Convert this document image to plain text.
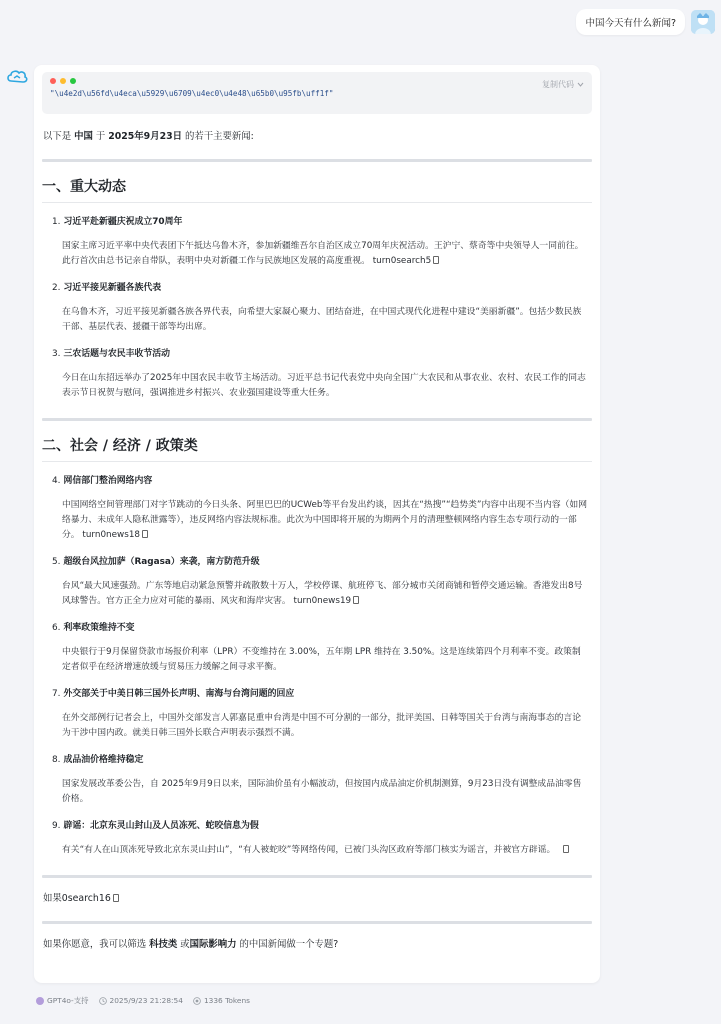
中国今天有什么新闻?
复制代码
"\u4e2d\u56fd\u4eca\u5929\u6709\u4ec0\u4e48\u65b0\u95fb\uff1f"
以下是 中国 于 2025年9月23日 的若干主要新闻:
一、重大动态
1. 习近平赴新疆庆祝成立70周年
国家主席习近平率中央代表团下午抵达乌鲁木齐，参加新疆维吾尔自治区成立70周年庆祝活动。王沪宁、蔡奇等中央领导人一同前往。此行首次由总书记亲自带队，表明中央对新疆工作与民族地区发展的高度重视。 turn0search5
2. 习近平接见新疆各族代表
在乌鲁木齐，习近平接见新疆各族各界代表，向希望大家凝心聚力、团结奋进，在中国式现代化进程中建设“美丽新疆”。包括少数民族干部、基层代表、援疆干部等均出席。
3. 三农话题与农民丰收节活动
今日在山东招远举办了2025年中国农民丰收节主场活动。习近平总书记代表党中央向全国广大农民和从事农业、农村、农民工作的同志表示节日祝贺与慰问，强调推进乡村振兴、农业强国建设等重大任务。
二、社会 / 经济 / 政策类
4. 网信部门整治网络内容
中国网络空间管理部门对字节跳动的今日头条、阿里巴巴的UCWeb等平台发出约谈，因其在“热搜”“趋势类”内容中出现不当内容（如网络暴力、未成年人隐私泄露等），违反网络内容法规标准。此次为中国即将开展的为期两个月的清理整顿网络内容生态专项行动的一部分。 turn0news18
5. 超级台风拉加萨（Ragasa）来袭，南方防范升级
台风“最大风速强劲。广东等地启动紧急预警并疏散数十万人，学校停课、航班停飞、部分城市关闭商铺和暂停交通运输。香港发出8号风球警告。官方正全力应对可能的暴雨、风灾和海岸灾害。 turn0news19
6. 利率政策维持不变
中央银行于9月保留贷款市场报价利率（LPR）不变维持在 3.00%，五年期 LPR 维持在 3.50%。这是连续第四个月利率不变。政策制定者似乎在经济增速放缓与贸易压力缓解之间寻求平衡。
7. 外交部关于中美日韩三国外长声明、南海与台湾问题的回应
在外交部例行记者会上，中国外交部发言人郭嘉昆重申台湾是中国不可分割的一部分，批评美国、日韩等国关于台湾与南海事态的言论为干涉中国内政。就美日韩三国外长联合声明表示强烈不满。
8. 成品油价格维持稳定
国家发展改革委公告，自 2025年9月9日以来，国际油价虽有小幅波动，但按国内成品油定价机制测算，9月23日没有调整成品油零售价格。
9. 辟谣：北京东灵山封山及人员冻死、蛇咬信息为假
有关“有人在山顶冻死导致北京东灵山封山”，“有人被蛇咬”等网络传闻，已被门头沟区政府等部门核实为谣言，并被官方辟谣。
如果0search16
如果你愿意，我可以筛选 科技类 或国际影响力 的中国新闻做一个专题?
GPT4o-支持	2025/9/23 21:28:54	1336 Tokens
